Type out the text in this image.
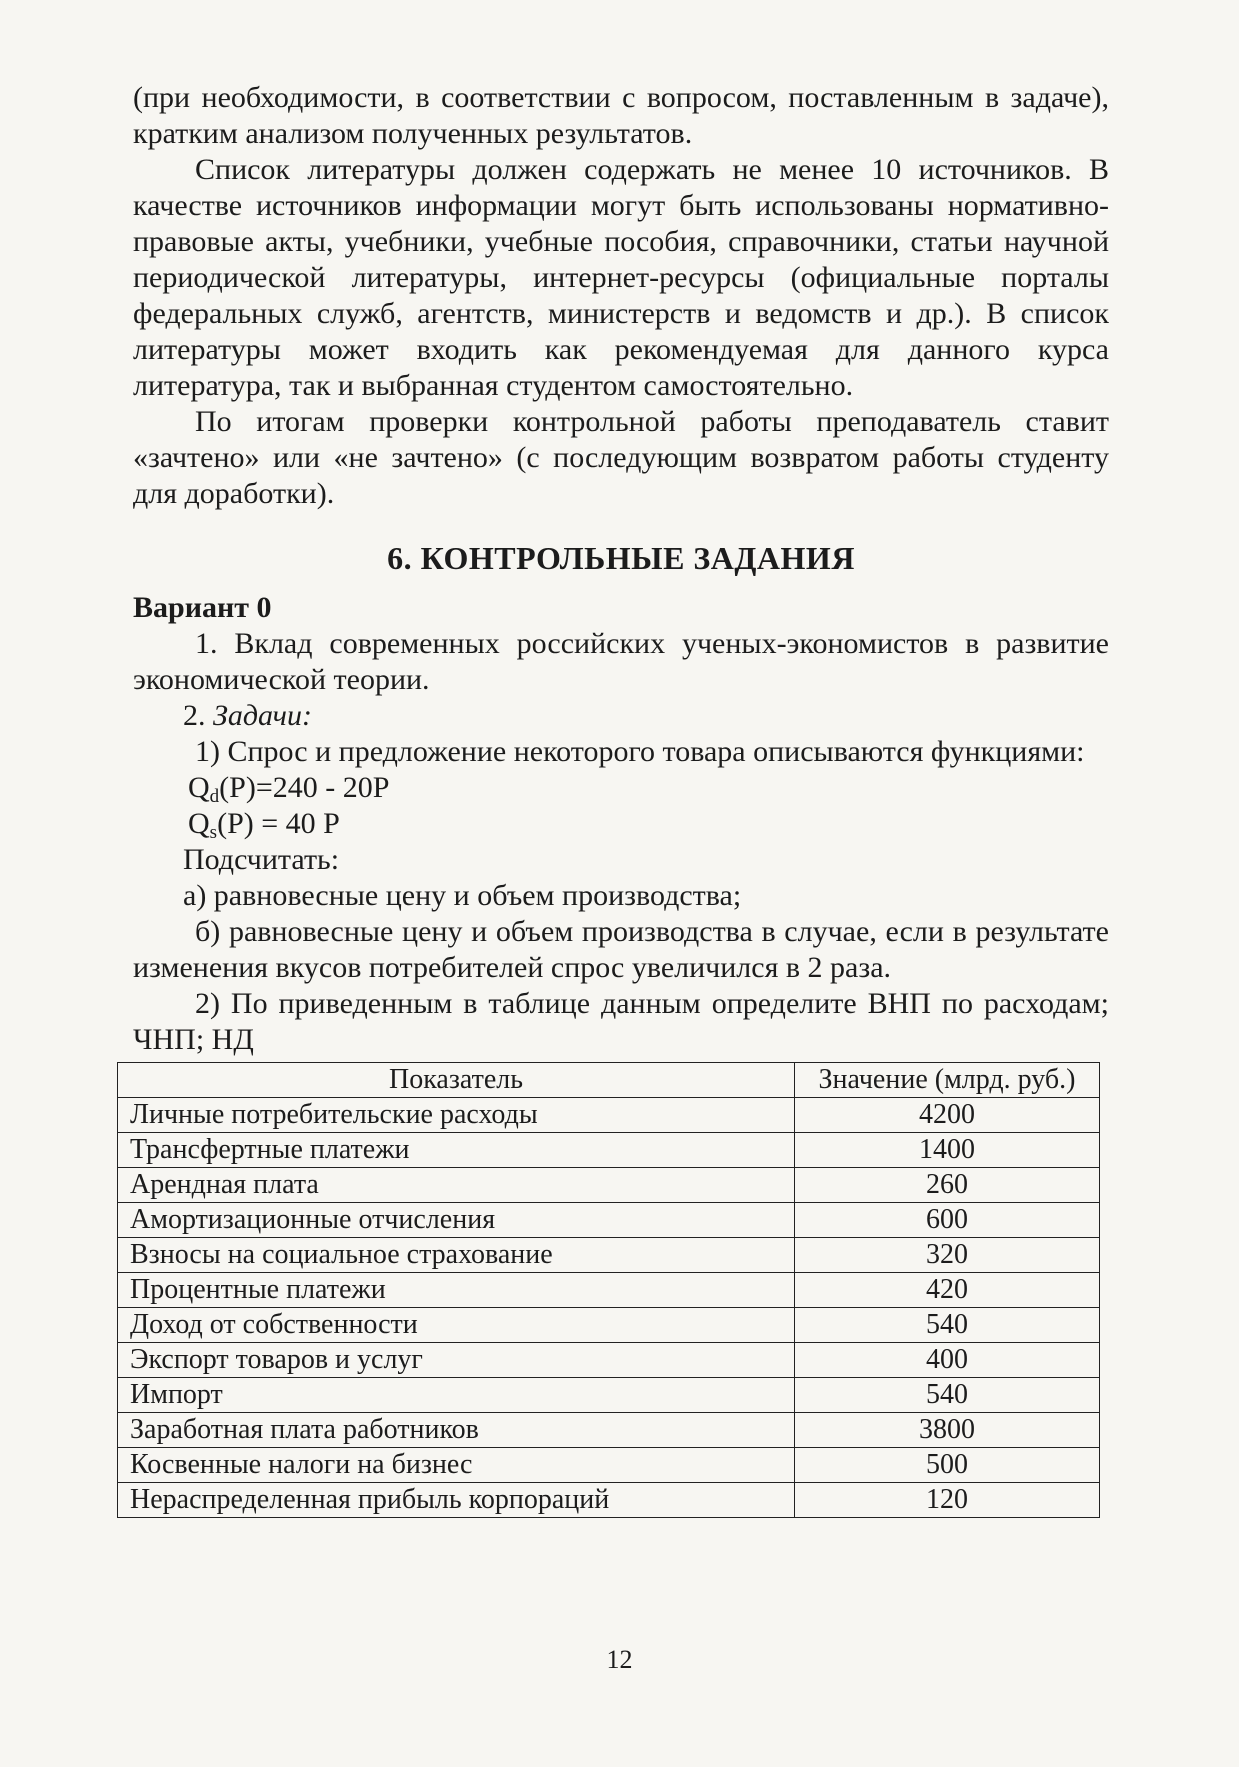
(при необходимости, в соответствии с вопросом, поставленным в задаче), кратким анализом полученных результатов.

Список литературы должен содержать не менее 10 источников. В качестве источников информации могут быть использованы нормативно-правовые акты, учебники, учебные пособия, справочники, статьи научной периодической литературы, интернет-ресурсы (официальные порталы федеральных служб, агентств, министерств и ведомств и др.). В список литературы может входить как рекомендуемая для данного курса литература, так и выбранная студентом самостоятельно.

По итогам проверки контрольной работы преподаватель ставит «зачтено» или «не зачтено» (с последующим возвратом работы студенту для доработки).

6. КОНТРОЛЬНЫЕ ЗАДАНИЯ

Вариант 0

1. Вклад современных российских ученых-экономистов в развитие экономической теории.

2. Задачи:

1) Спрос и предложение некоторого товара описываются функциями:

$Q_d(P)=240 - 20P$

$Q_s(P) = 40$ P

Подсчитать:

а) равновесные цену и объем производства;

б) равновесные цену и объем производства в случае, если в результате изменения вкусов потребителей спрос увеличился в 2 раза.

2) По приведенным в таблице данным определите ВНП по расходам; ЧНП; НД

Показатель	Значение (млрд. руб.)
Личные потребительские расходы	4200
Трансфертные платежи	1400
Арендная плата	260
Амортизационные отчисления	600
Взносы на социальное страхование	320
Процентные платежи	420
Доход от собственности	540
Экспорт товаров и услуг	400
Импорт	540
Заработная плата работников	3800
Косвенные налоги на бизнес	500
Нераспределенная прибыль корпораций	120
12
